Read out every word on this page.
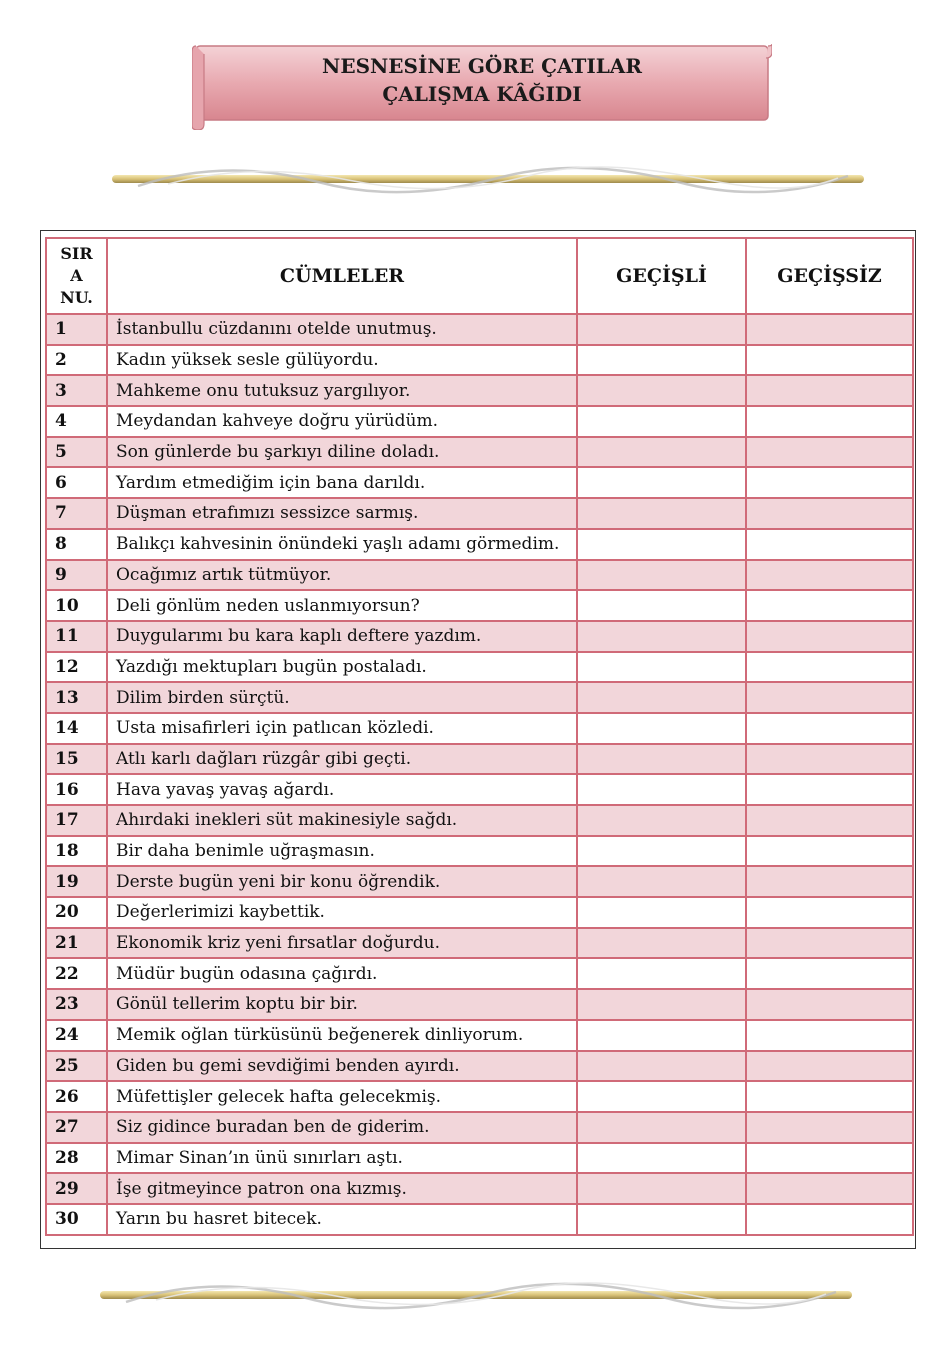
NESNESİNE GÖRE ÇATILAR
ÇALIŞMA KÂĞIDI
SIR
A
NU.	CÜMLELER	GEÇİŞLİ	GEÇİŞSİZ
1	İstanbullu cüzdanını otelde unutmuş.		
2	Kadın yüksek sesle gülüyordu.		
3	Mahkeme onu tutuksuz yargılıyor.		
4	Meydandan kahveye doğru yürüdüm.		
5	Son günlerde bu şarkıyı diline doladı.		
6	Yardım etmediğim için bana darıldı.		
7	Düşman etrafımızı sessizce sarmış.		
8	Balıkçı kahvesinin önündeki yaşlı adamı görmedim.		
9	Ocağımız artık tütmüyor.		
10	Deli gönlüm neden uslanmıyorsun?		
11	Duygularımı bu kara kaplı deftere yazdım.		
12	Yazdığı mektupları bugün postaladı.		
13	Dilim birden sürçtü.		
14	Usta misafirleri için patlıcan közledi.		
15	Atlı karlı dağları rüzgâr gibi geçti.		
16	Hava yavaş yavaş ağardı.		
17	Ahırdaki inekleri süt makinesiyle sağdı.		
18	Bir daha benimle uğraşmasın.		
19	Derste bugün yeni bir konu öğrendik.		
20	Değerlerimizi kaybettik.		
21	Ekonomik kriz yeni fırsatlar doğurdu.		
22	Müdür bugün odasına çağırdı.		
23	Gönül tellerim koptu bir bir.		
24	Memik oğlan türküsünü beğenerek dinliyorum.		
25	Giden bu gemi sevdiğimi benden ayırdı.		
26	Müfettişler gelecek hafta gelecekmiş.		
27	Siz gidince buradan ben de giderim.		
28	Mimar Sinan’ın ünü sınırları aştı.		
29	İşe gitmeyince patron ona kızmış.		
30	Yarın bu hasret bitecek.		
